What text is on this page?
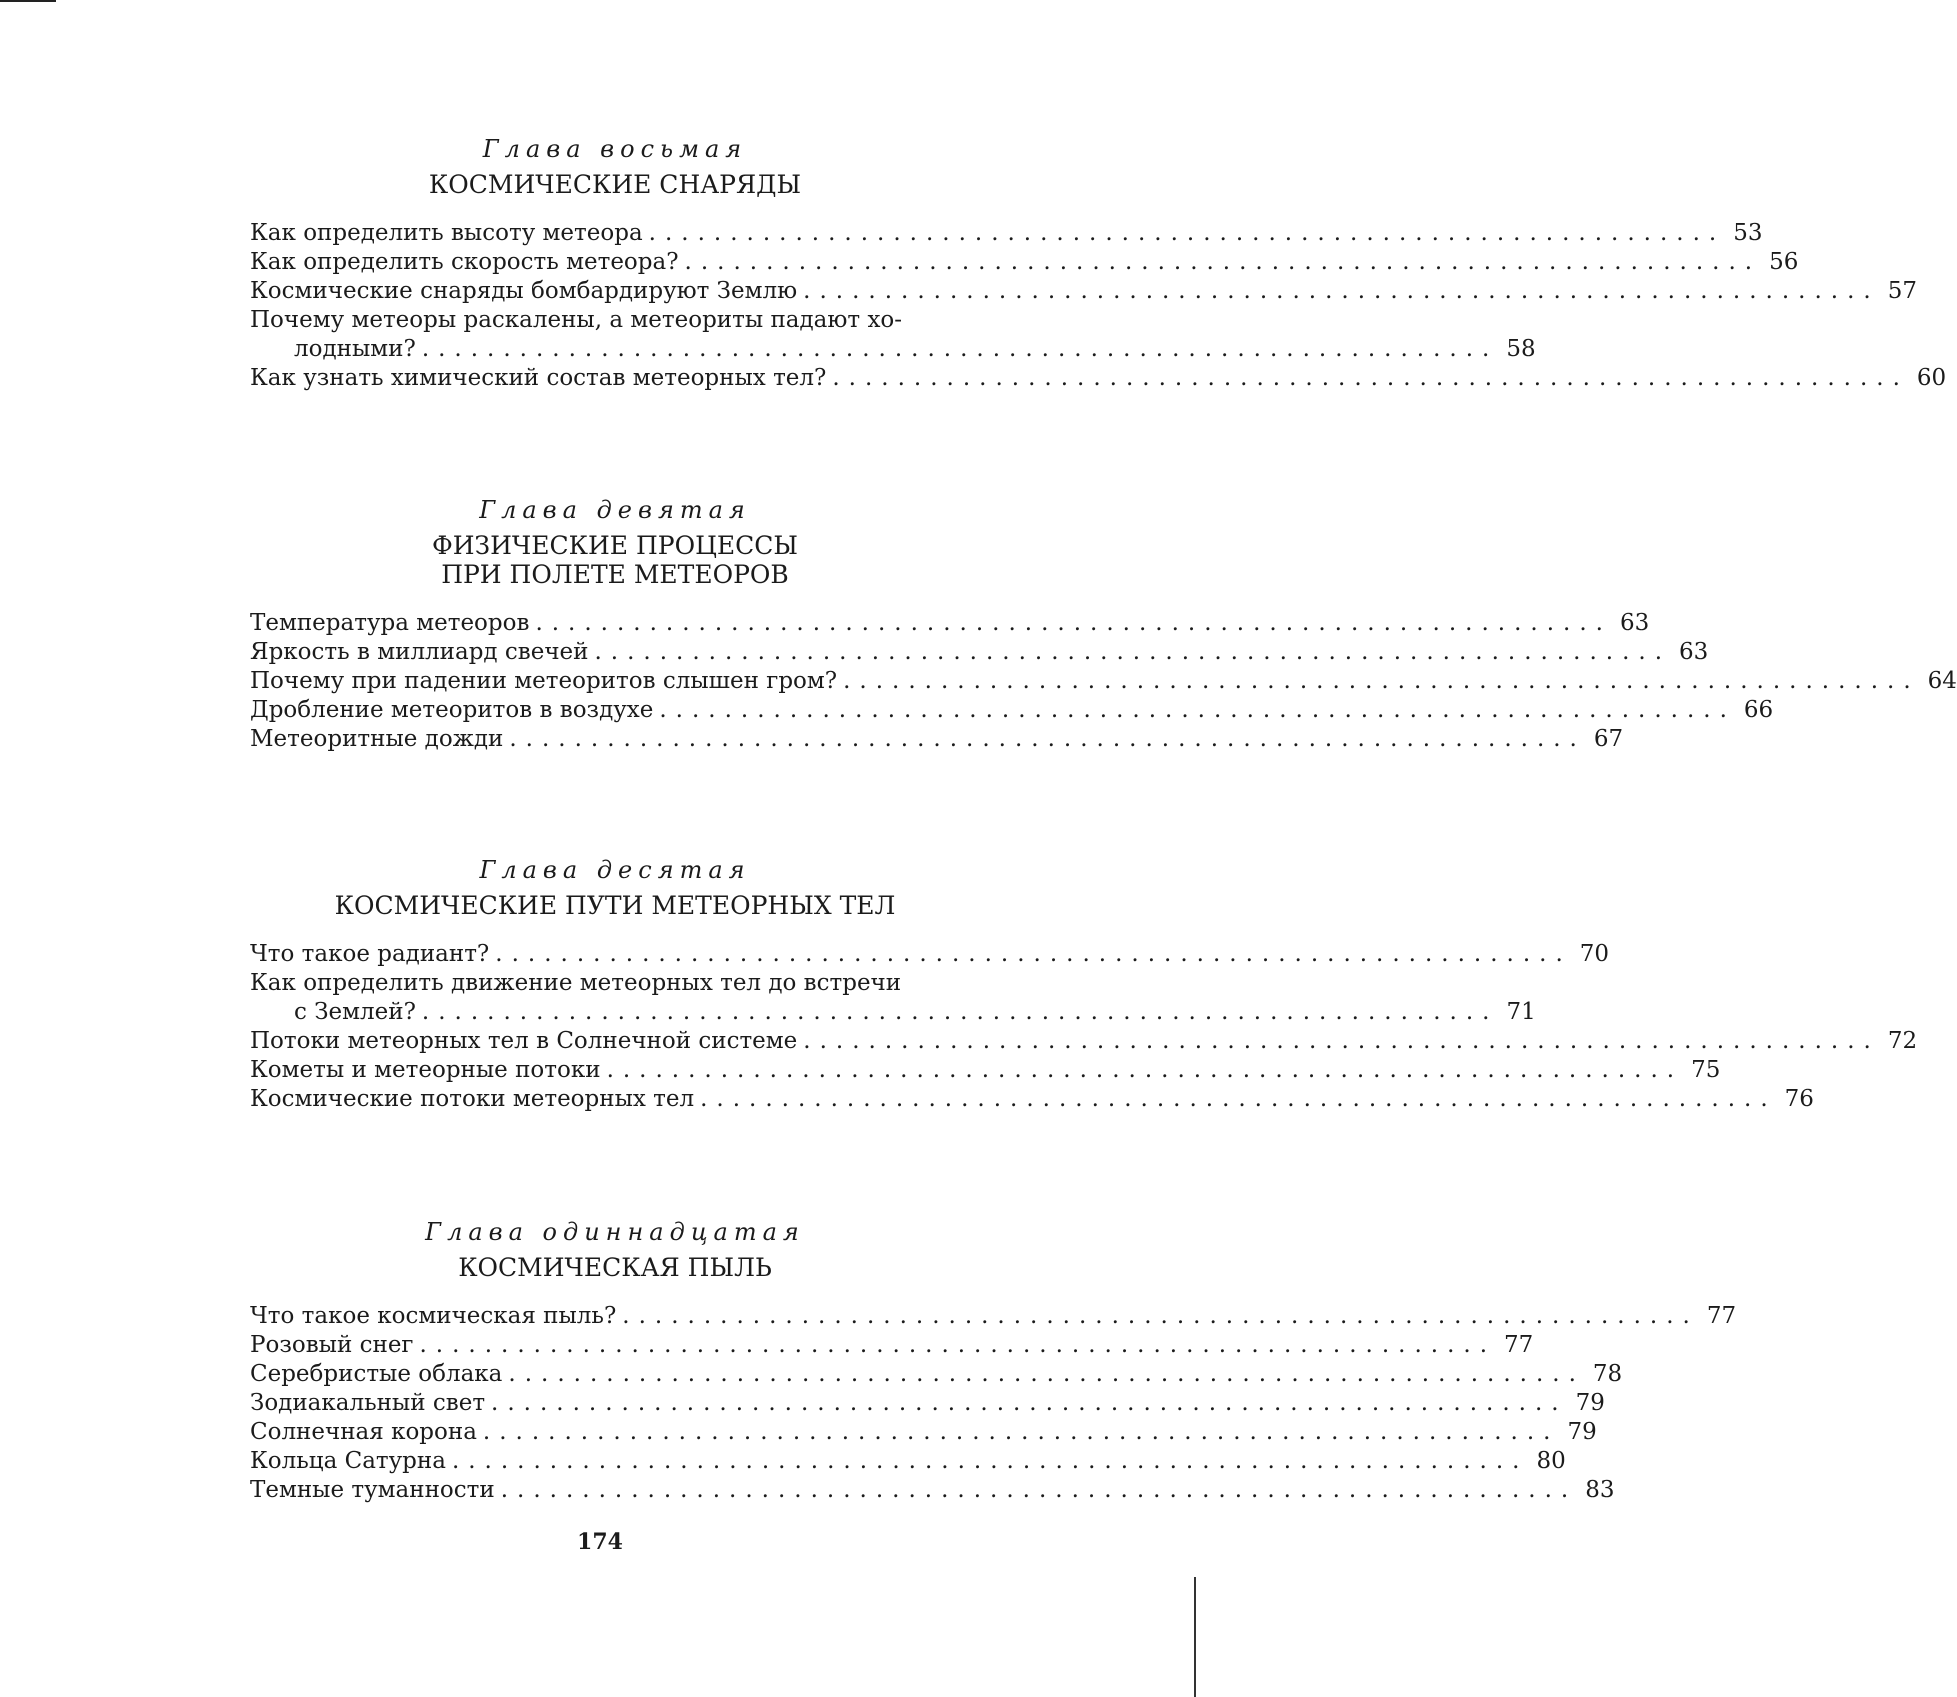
Глава восьмая
КОСМИЧЕСКИЕ СНАРЯДЫ
Как определить высоту метеора .................................................................. 53
Как определить скорость метеора? .................................................................. 56
Космические снаряды бомбардируют Землю .................................................................. 57
Почему метеоры раскалены, а метеориты падают хо-
лодными? .................................................................. 58
Как узнать химический состав метеорных тел? .................................................................. 60
Глава девятая
ФИЗИЧЕСКИЕ ПРОЦЕССЫ
ПРИ ПОЛЕТЕ МЕТЕОРОВ
Температура метеоров .................................................................. 63
Яркость в миллиард свечей .................................................................. 63
Почему при падении метеоритов слышен гром? .................................................................. 64
Дробление метеоритов в воздухе .................................................................. 66
Метеоритные дожди .................................................................. 67
Глава десятая
КОСМИЧЕСКИЕ ПУТИ МЕТЕОРНЫХ ТЕЛ
Что такое радиант? .................................................................. 70
Как определить движение метеорных тел до встречи
с Землей? .................................................................. 71
Потоки метеорных тел в Солнечной системе .................................................................. 72
Кометы и метеорные потоки .................................................................. 75
Космические потоки метеорных тел .................................................................. 76
Глава одиннадцатая
КОСМИЧЕСКАЯ ПЫЛЬ
Что такое космическая пыль? .................................................................. 77
Розовый снег .................................................................. 77
Серебристые облака .................................................................. 78
Зодиакальный свет .................................................................. 79
Солнечная корона .................................................................. 79
Кольца Сатурна .................................................................. 80
Темные туманности .................................................................. 83
174
